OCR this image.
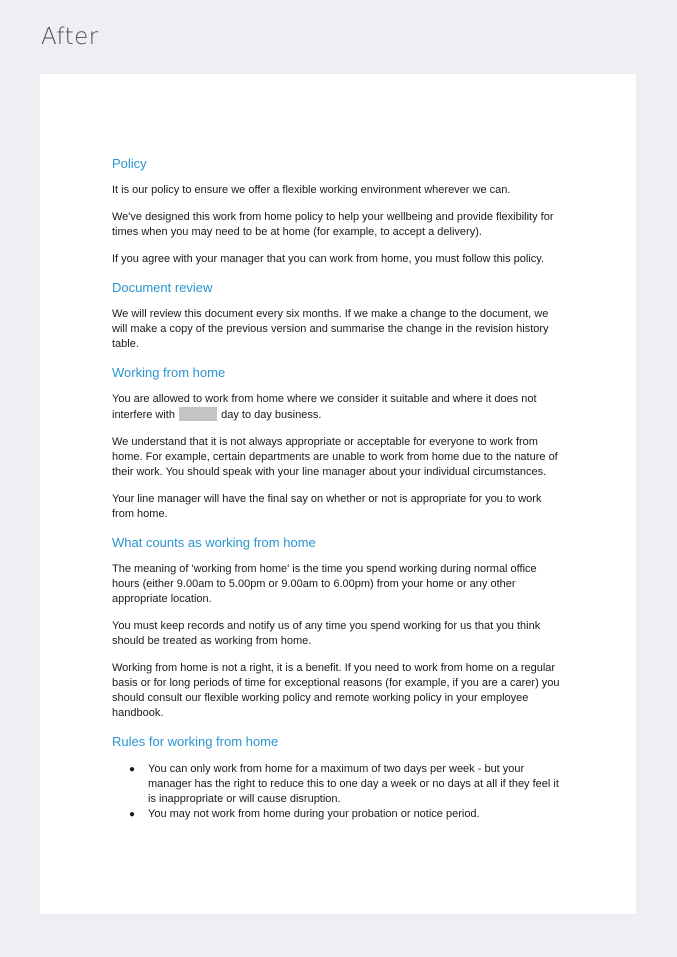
After
Policy

It is our policy to ensure we offer a flexible working environment wherever we can.

We've designed this work from home policy to help your wellbeing and provide flexibility for times when you may need to be at home (for example, to accept a delivery).

If you agree with your manager that you can work from home, you must follow this policy.

Document review

We will review this document every six months. If we make a change to the document, we will make a copy of the previous version and summarise the change in the revision history table.

Working from home

You are allowed to work from home where we consider it suitable and where it does not interfere with	day to day business.

We understand that it is not always appropriate or acceptable for everyone to work from home. For example, certain departments are unable to work from home due to the nature of their work. You should speak with your line manager about your individual circumstances.

Your line manager will have the final say on whether or not is appropriate for you to work from home.

What counts as working from home

The meaning of 'working from home' is the time you spend working during normal office hours (either 9.00am to 5.00pm or 9.00am to 6.00pm) from your home or any other appropriate location.

You must keep records and notify us of any time you spend working for us that you think should be treated as working from home.

Working from home is not a right, it is a benefit. If you need to work from home on a regular basis or for long periods of time for exceptional reasons (for example, if you are a carer) you should consult our flexible working policy and remote working policy in your employee handbook.

Rules for working from home
● You can only work from home for a maximum of two days per week - but your manager has the right to reduce this to one day a week or no days at all if they feel it is inappropriate or will cause disruption.
● You may not work from home during your probation or notice period.
